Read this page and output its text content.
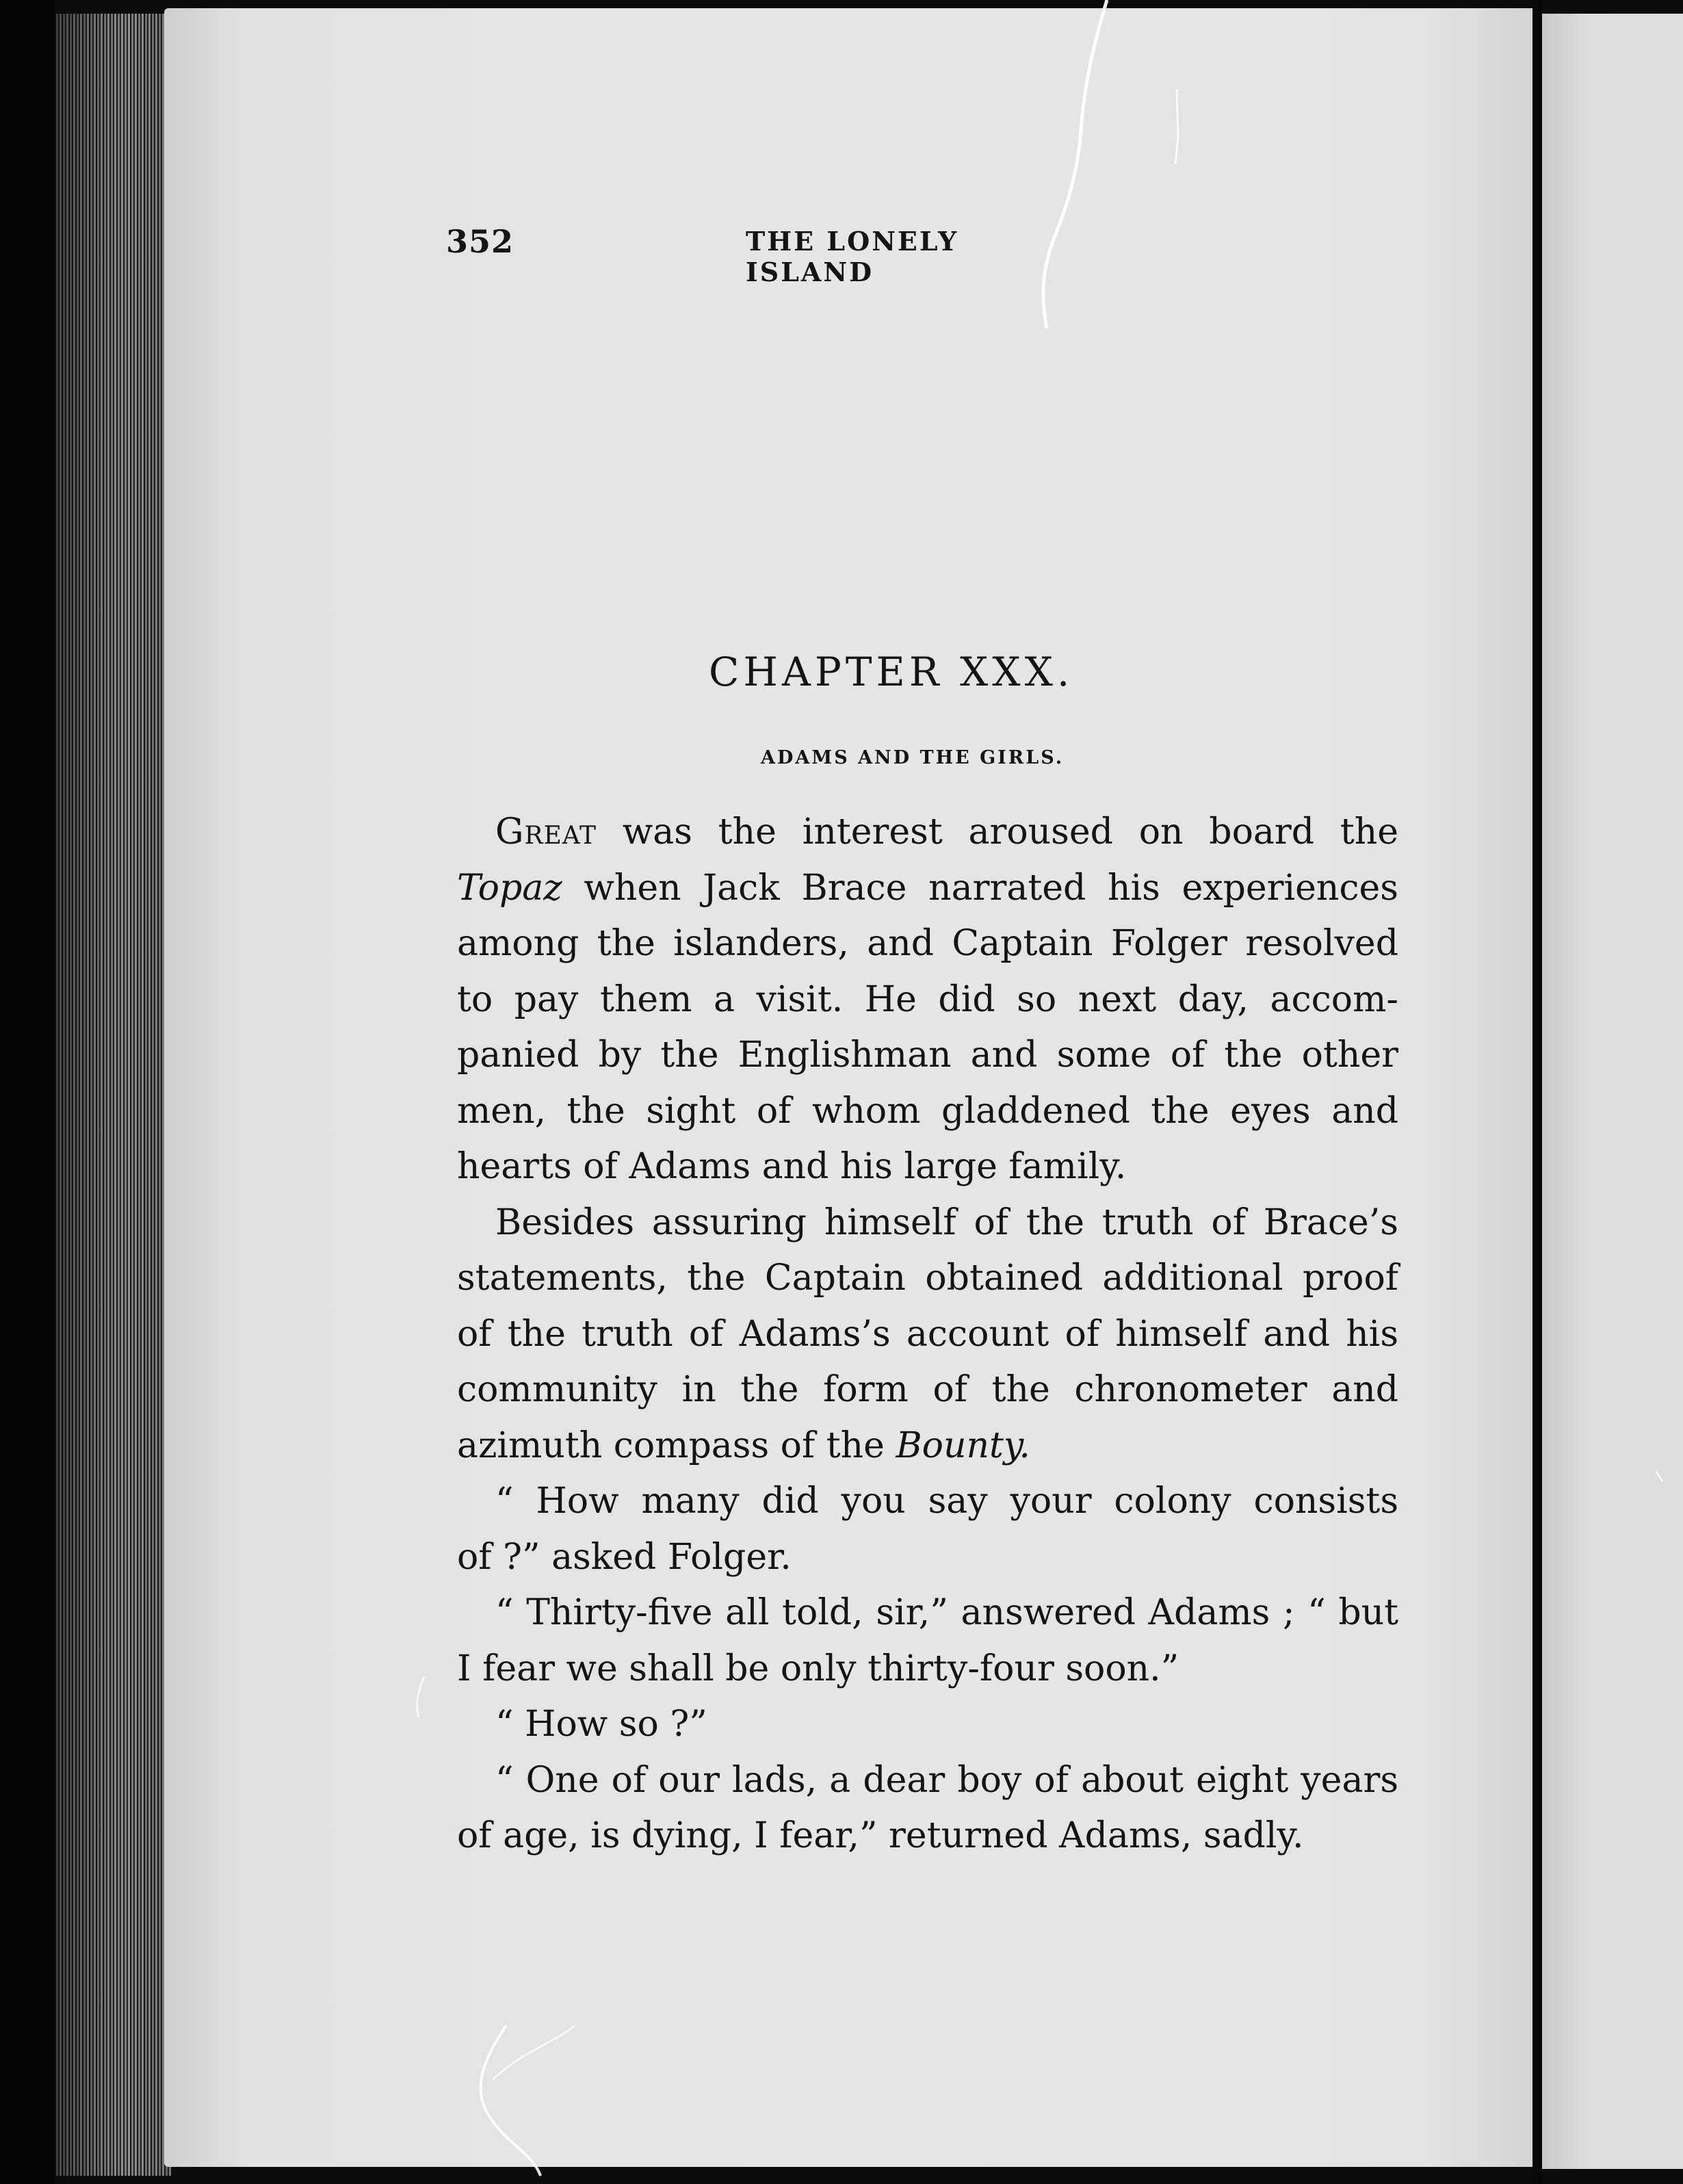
352	THE LONELY ISLAND
CHAPTER XXX.
ADAMS AND THE GIRLS.

Great was the interest aroused on board the
Topaz when Jack Brace narrated his experiences
among the islanders, and Captain Folger resolved
to pay them a visit. He did so next day, accom-
panied by the Englishman and some of the other
men, the sight of whom gladdened the eyes and
hearts of Adams and his large family.

Besides assuring himself of the truth of Brace’s
statements, the Captain obtained additional proof
of the truth of Adams’s account of himself and his
community in the form of the chronometer and
azimuth compass of the Bounty.

“ How many did you say your colony consists
of ?” asked Folger.

“ Thirty-five all told, sir,” answered Adams ; “ but
I fear we shall be only thirty-four soon.”

“ How so ?”

“ One of our lads, a dear boy of about eight years
of age, is dying, I fear,” returned Adams, sadly.
